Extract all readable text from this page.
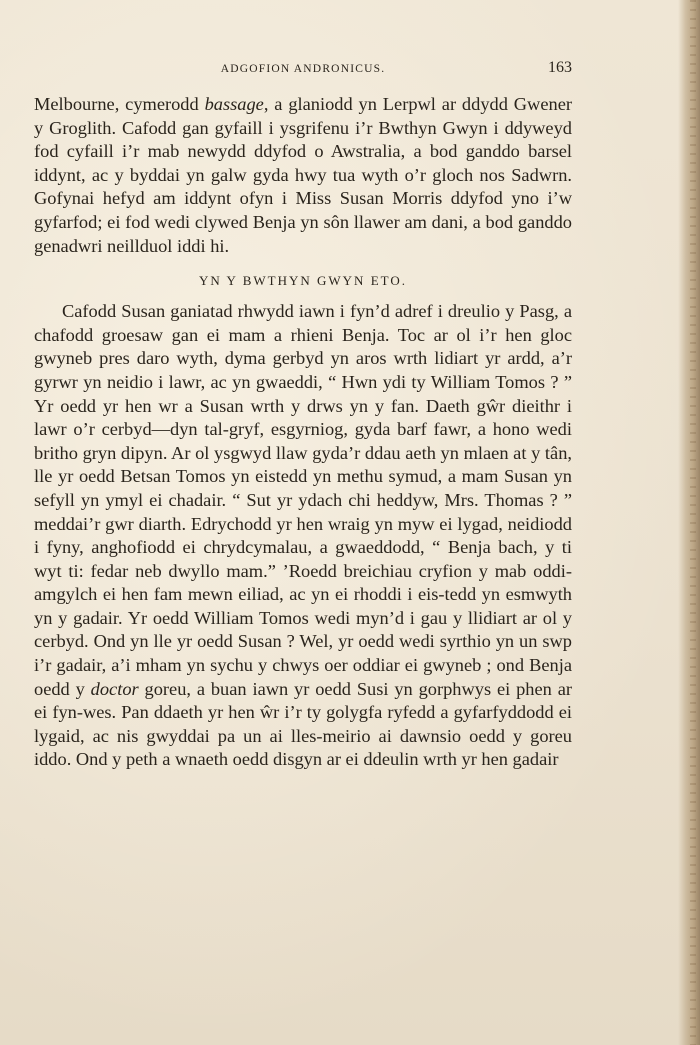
ADGOFION ANDRONICUS.	163

Melbourne, cymerodd bassage, a glaniodd yn Lerpwl ar ddydd Gwener y Groglith. Cafodd gan gyfaill i ysgrifenu i’r Bwthyn Gwyn i ddyweyd fod cyfaill i’r mab newydd ddyfod o Awstralia, a bod ganddo barsel iddynt, ac y byddai yn galw gyda hwy tua wyth o’r gloch nos Sadwrn. Gofynai hefyd am iddynt ofyn i Miss Susan Morris ddyfod yno i’w gyfarfod; ei fod wedi clywed Benja yn sôn llawer am dani, a bod ganddo genadwri neillduol iddi hi.

YN Y BWTHYN GWYN ETO.

Cafodd Susan ganiatad rhwydd iawn i fyn’d adref i dreulio y Pasg, a chafodd groesaw gan ei mam a rhieni Benja. Toc ar ol i’r hen gloc gwyneb pres daro wyth, dyma gerbyd yn aros wrth lidiart yr ardd, a’r gyrwr yn neidio i lawr, ac yn gwaeddi, “ Hwn ydi ty William Tomos ? ” Yr oedd yr hen wr a Susan wrth y drws yn y fan. Daeth gŵr dieithr i lawr o’r cerbyd—dyn tal-gryf, esgyrniog, gyda barf fawr, a hono wedi britho gryn dipyn. Ar ol ysgwyd llaw gyda’r ddau aeth yn mlaen at y tân, lle yr oedd Betsan Tomos yn eistedd yn methu symud, a mam Susan yn sefyll yn ymyl ei chadair. “ Sut yr ydach chi heddyw, Mrs. Thomas ? ” meddai’r gwr diarth. Edrychodd yr hen wraig yn myw ei lygad, neidiodd i fyny, anghofiodd ei chrydcymalau, a gwaeddodd, “ Benja bach, y ti wyt ti: fedar neb dwyllo mam.” ’Roedd breichiau cryfion y mab oddi-amgylch ei hen fam mewn eiliad, ac yn ei rhoddi i eis-tedd yn esmwyth yn y gadair. Yr oedd William Tomos wedi myn’d i gau y llidiart ar ol y cerbyd. Ond yn lle yr oedd Susan ? Wel, yr oedd wedi syrthio yn un swp i’r gadair, a’i mham yn sychu y chwys oer oddiar ei gwyneb ; ond Benja oedd y doctor goreu, a buan iawn yr oedd Susi yn gorphwys ei phen ar ei fyn-wes. Pan ddaeth yr hen ŵr i’r ty golygfa ryfedd a gyfarfyddodd ei lygaid, ac nis gwyddai pa un ai lles-meirio ai dawnsio oedd y goreu iddo. Ond y peth a wnaeth oedd disgyn ar ei ddeulin wrth yr hen gadair
